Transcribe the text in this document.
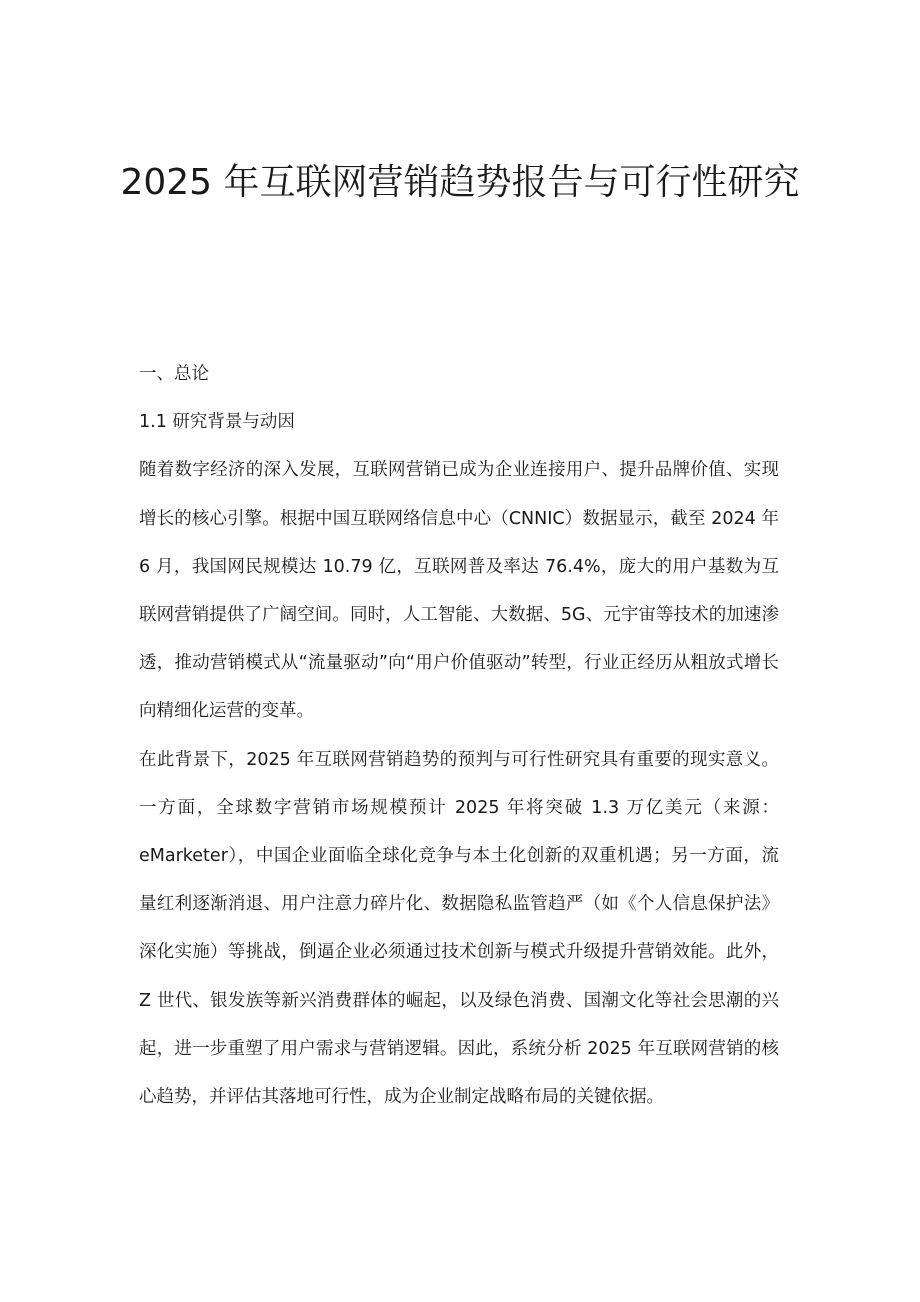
2025 年互联网营销趋势报告与可行性研究

一、总论

1.1 研究背景与动因

随着数字经济的深入发展，互联网营销已成为企业连接用户、提升品牌价值、实现增长的核心引擎。根据中国互联网络信息中心（CNNIC）数据显示，截至 2024 年 6 月，我国网民规模达 10.79 亿，互联网普及率达 76.4%，庞大的用户基数为互联网营销提供了广阔空间。同时，人工智能、大数据、5G、元宇宙等技术的加速渗透，推动营销模式从“流量驱动”向“用户价值驱动”转型，行业正经历从粗放式增长向精细化运营的变革。

在此背景下，2025 年互联网营销趋势的预判与可行性研究具有重要的现实意义。一方面，全球数字营销市场规模预计 2025 年将突破 1.3 万亿美元（来源：eMarketer），中国企业面临全球化竞争与本土化创新的双重机遇；另一方面，流量红利逐渐消退、用户注意力碎片化、数据隐私监管趋严（如《个人信息保护法》深化实施）等挑战，倒逼企业必须通过技术创新与模式升级提升营销效能。此外，Z 世代、银发族等新兴消费群体的崛起，以及绿色消费、国潮文化等社会思潮的兴起，进一步重塑了用户需求与营销逻辑。因此，系统分析 2025 年互联网营销的核心趋势，并评估其落地可行性，成为企业制定战略布局的关键依据。
